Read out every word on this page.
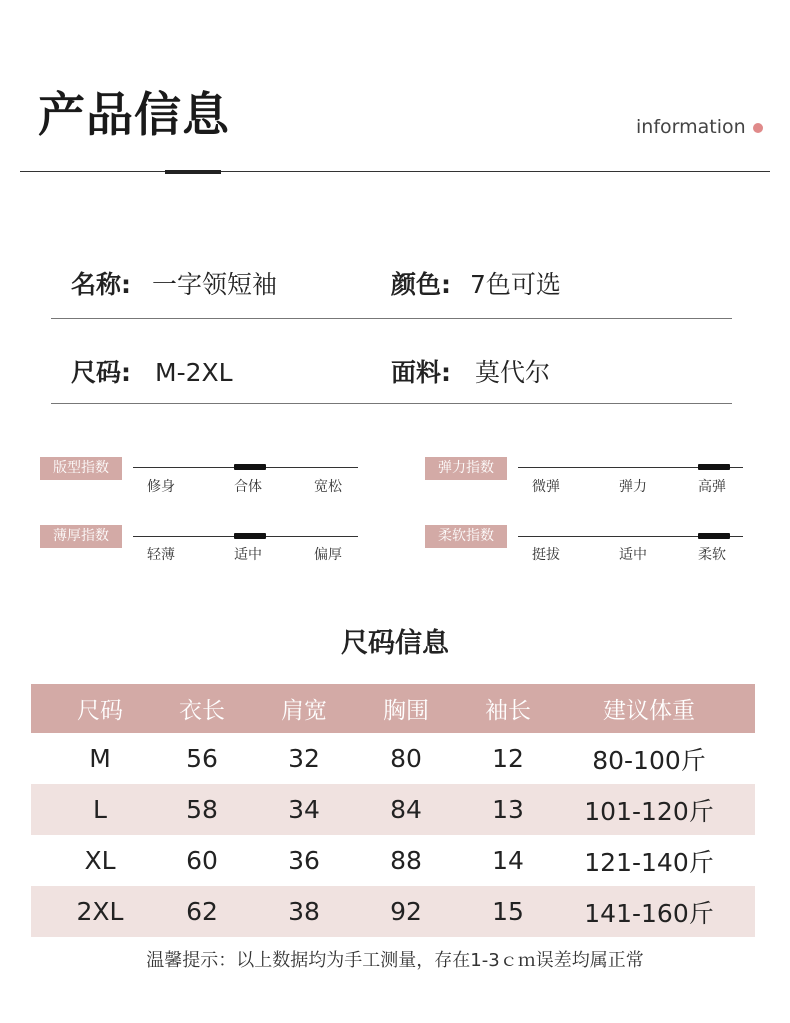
产品信息	information
名称: 一字领短袖	颜色: 7色可选
尺码: M-2XL	面料: 莫代尔
版型指数
修身	合体	宽松
弹力指数
微弹	弹力	高弹
薄厚指数
轻薄	适中	偏厚
柔软指数
挺拔	适中	柔软
尺码信息
尺码	衣长	肩宽	胸围	袖长	建议体重
M	56	32	80	12	80-100斤
L	58	34	84	13	101-120斤
XL	60	36	88	14	121-140斤
2XL	62	38	92	15	141-160斤
温馨提示：以上数据均为手工测量，存在1-3ｃｍ误差均属正常
